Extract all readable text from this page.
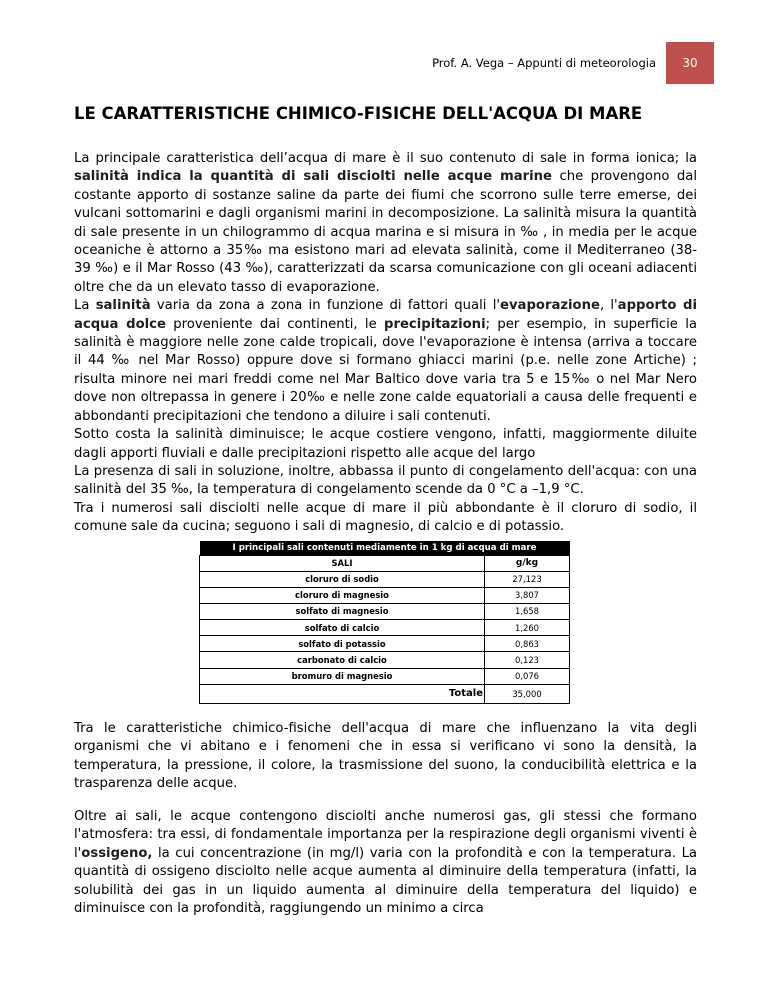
Prof. A. Vega – Appunti di meteorologia	30
LE CARATTERISTICHE CHIMICO-FISICHE DELL'ACQUA DI MARE
La principale caratteristica dell’acqua di mare è il suo contenuto di sale in forma ionica; la salinità indica la quantità di sali disciolti nelle acque marine che provengono dal costante apporto di sostanze saline da parte dei fiumi che scorrono sulle terre emerse, dei vulcani sottomarini e dagli organismi marini in decomposizione. La salinità misura la quantità di sale presente in un chilogrammo di acqua marina e si misura in ‰ , in media per le acque oceaniche è attorno a 35‰ ma esistono mari ad elevata salinità, come il Mediterraneo (38-39 ‰) e il Mar Rosso (43 ‰), caratterizzati da scarsa comunicazione con gli oceani adiacenti oltre che da un elevato tasso di evaporazione.
La salinità varia da zona a zona in funzione di fattori quali l'evaporazione, l'apporto di acqua dolce proveniente dai continenti, le precipitazioni; per esempio, in superficie la salinità è maggiore nelle zone calde tropicali, dove l'evaporazione è intensa (arriva a toccare il 44 ‰ nel Mar Rosso) oppure dove si formano ghiacci marini (p.e. nelle zone Artiche) ; risulta minore nei mari freddi come nel Mar Baltico dove varia tra 5 e 15‰ o nel Mar Nero dove non oltrepassa in genere i 20‰ e nelle zone calde equatoriali a causa delle frequenti e abbondanti precipitazioni che tendono a diluire i sali contenuti.
Sotto costa la salinità diminuisce; le acque costiere vengono, infatti, maggiormente diluite dagli apporti fluviali e dalle precipitazioni rispetto alle acque del largo
La presenza di sali in soluzione, inoltre, abbassa il punto di congelamento dell'acqua: con una salinità del 35 ‰, la temperatura di congelamento scende da 0 °C a –1,9 °C.
Tra i numerosi sali disciolti nelle acque di mare il più abbondante è il cloruro di sodio, il comune sale da cucina; seguono i sali di magnesio, di calcio e di potassio.
I principali sali contenuti mediamente in 1 kg di acqua di mare	
SALI	g/kg
cloruro di sodio	27,123
cloruro di magnesio	3,807
solfato di magnesio	1,658
solfato di calcio	1,260
solfato di potassio	0,863
carbonato di calcio	0,123
bromuro di magnesio	0,076
Totale	35,000

Tra le caratteristiche chimico-fisiche dell'acqua di mare che influenzano la vita degli organismi che vi abitano e i fenomeni che in essa si verificano vi sono la densità, la temperatura, la pressione, il colore, la trasmissione del suono, la conducibilità elettrica e la trasparenza delle acque.

Oltre ai sali, le acque contengono disciolti anche numerosi gas, gli stessi che formano l'atmosfera: tra essi, di fondamentale importanza per la respirazione degli organismi viventi è l'ossigeno, la cui concentrazione (in mg/l) varia con la profondità e con la temperatura. La quantità di ossigeno disciolto nelle acque aumenta al diminuire della temperatura (infatti, la solubilità dei gas in un liquido aumenta al diminuire della temperatura del liquido) e diminuisce con la profondità, raggiungendo un minimo a circa
